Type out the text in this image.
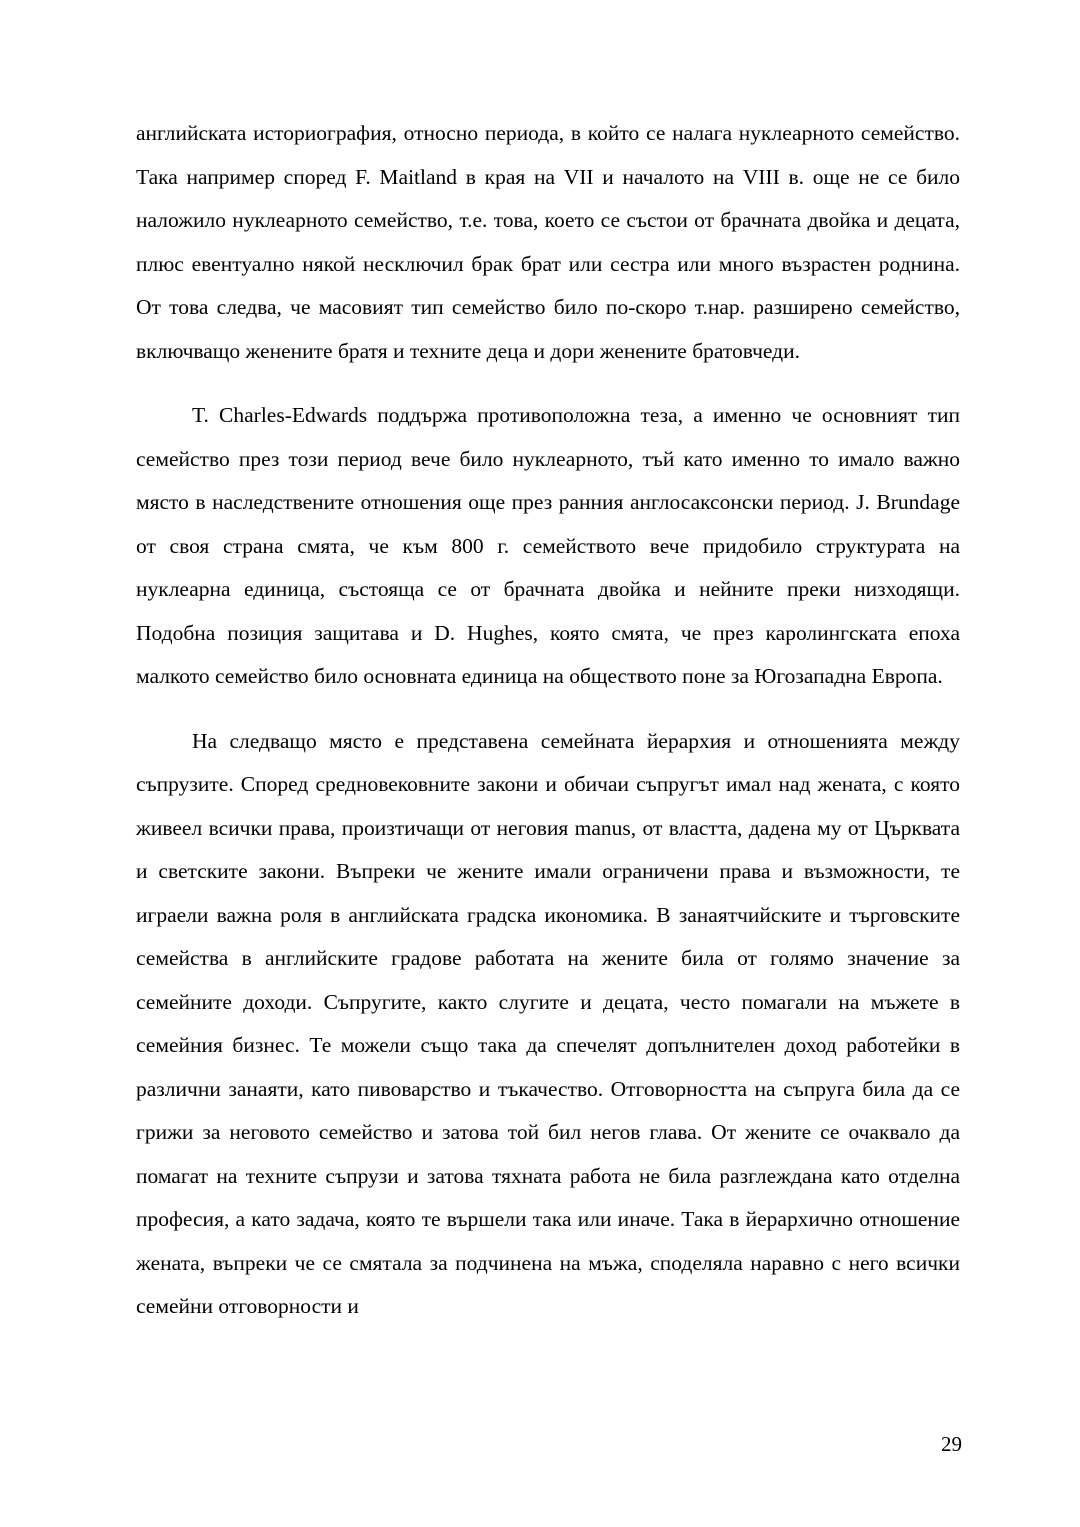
английската историография, относно периода, в който се налага нуклеарното семейство. Така например според F. Maitland в края на VII и началото на VIII в. още не се било наложило нуклеарното семейство, т.е. това, което се състои от брачната двойка и децата, плюс евентуално някой несключил брак брат или сестра или много възрастен роднина. От това следва, че масовият тип семейство било по-скоро т.нар. разширено семейство, включващо женените братя и техните деца и дори женените братовчеди.

T. Charles-Edwards поддържа противоположна теза, а именно че основният тип семейство през този период вече било нуклеарното, тъй като именно то имало важно място в наследствените отношения още през ранния англосаксонски период. J. Brundage от своя страна смята, че към 800 г. семейството вече придобило структурата на нуклеарна единица, състояща се от брачната двойка и нейните преки низходящи. Подобна позиция защитава и D. Hughes, която смята, че през каролингската епоха малкото семейство било основната единица на обществото поне за Югозападна Европа.

На следващо място е представена семейната йерархия и отношенията между съпрузите. Според средновековните закони и обичаи съпругът имал над жената, с която живеел всички права, произтичащи от неговия manus, от властта, дадена му от Църквата и светските закони. Въпреки че жените имали ограничени права и възможности, те играели важна роля в английската градска икономика. В занаятчийските и търговските семейства в английските градове работата на жените била от голямо значение за семейните доходи. Съпругите, както слугите и децата, често помагали на мъжете в семейния бизнес. Те можели също така да спечелят допълнителен доход работейки в различни занаяти, като пивоварство и тъкачество. Отговорността на съпруга била да се грижи за неговото семейство и затова той бил негов глава. От жените се очаквало да помагат на техните съпрузи и затова тяхната работа не била разглеждана като отделна професия, а като задача, която те вършели така или иначе. Така в йерархично отношение жената, въпреки че се смятала за подчинена на мъжа, споделяла наравно с него всички семейни отговорности и

29
